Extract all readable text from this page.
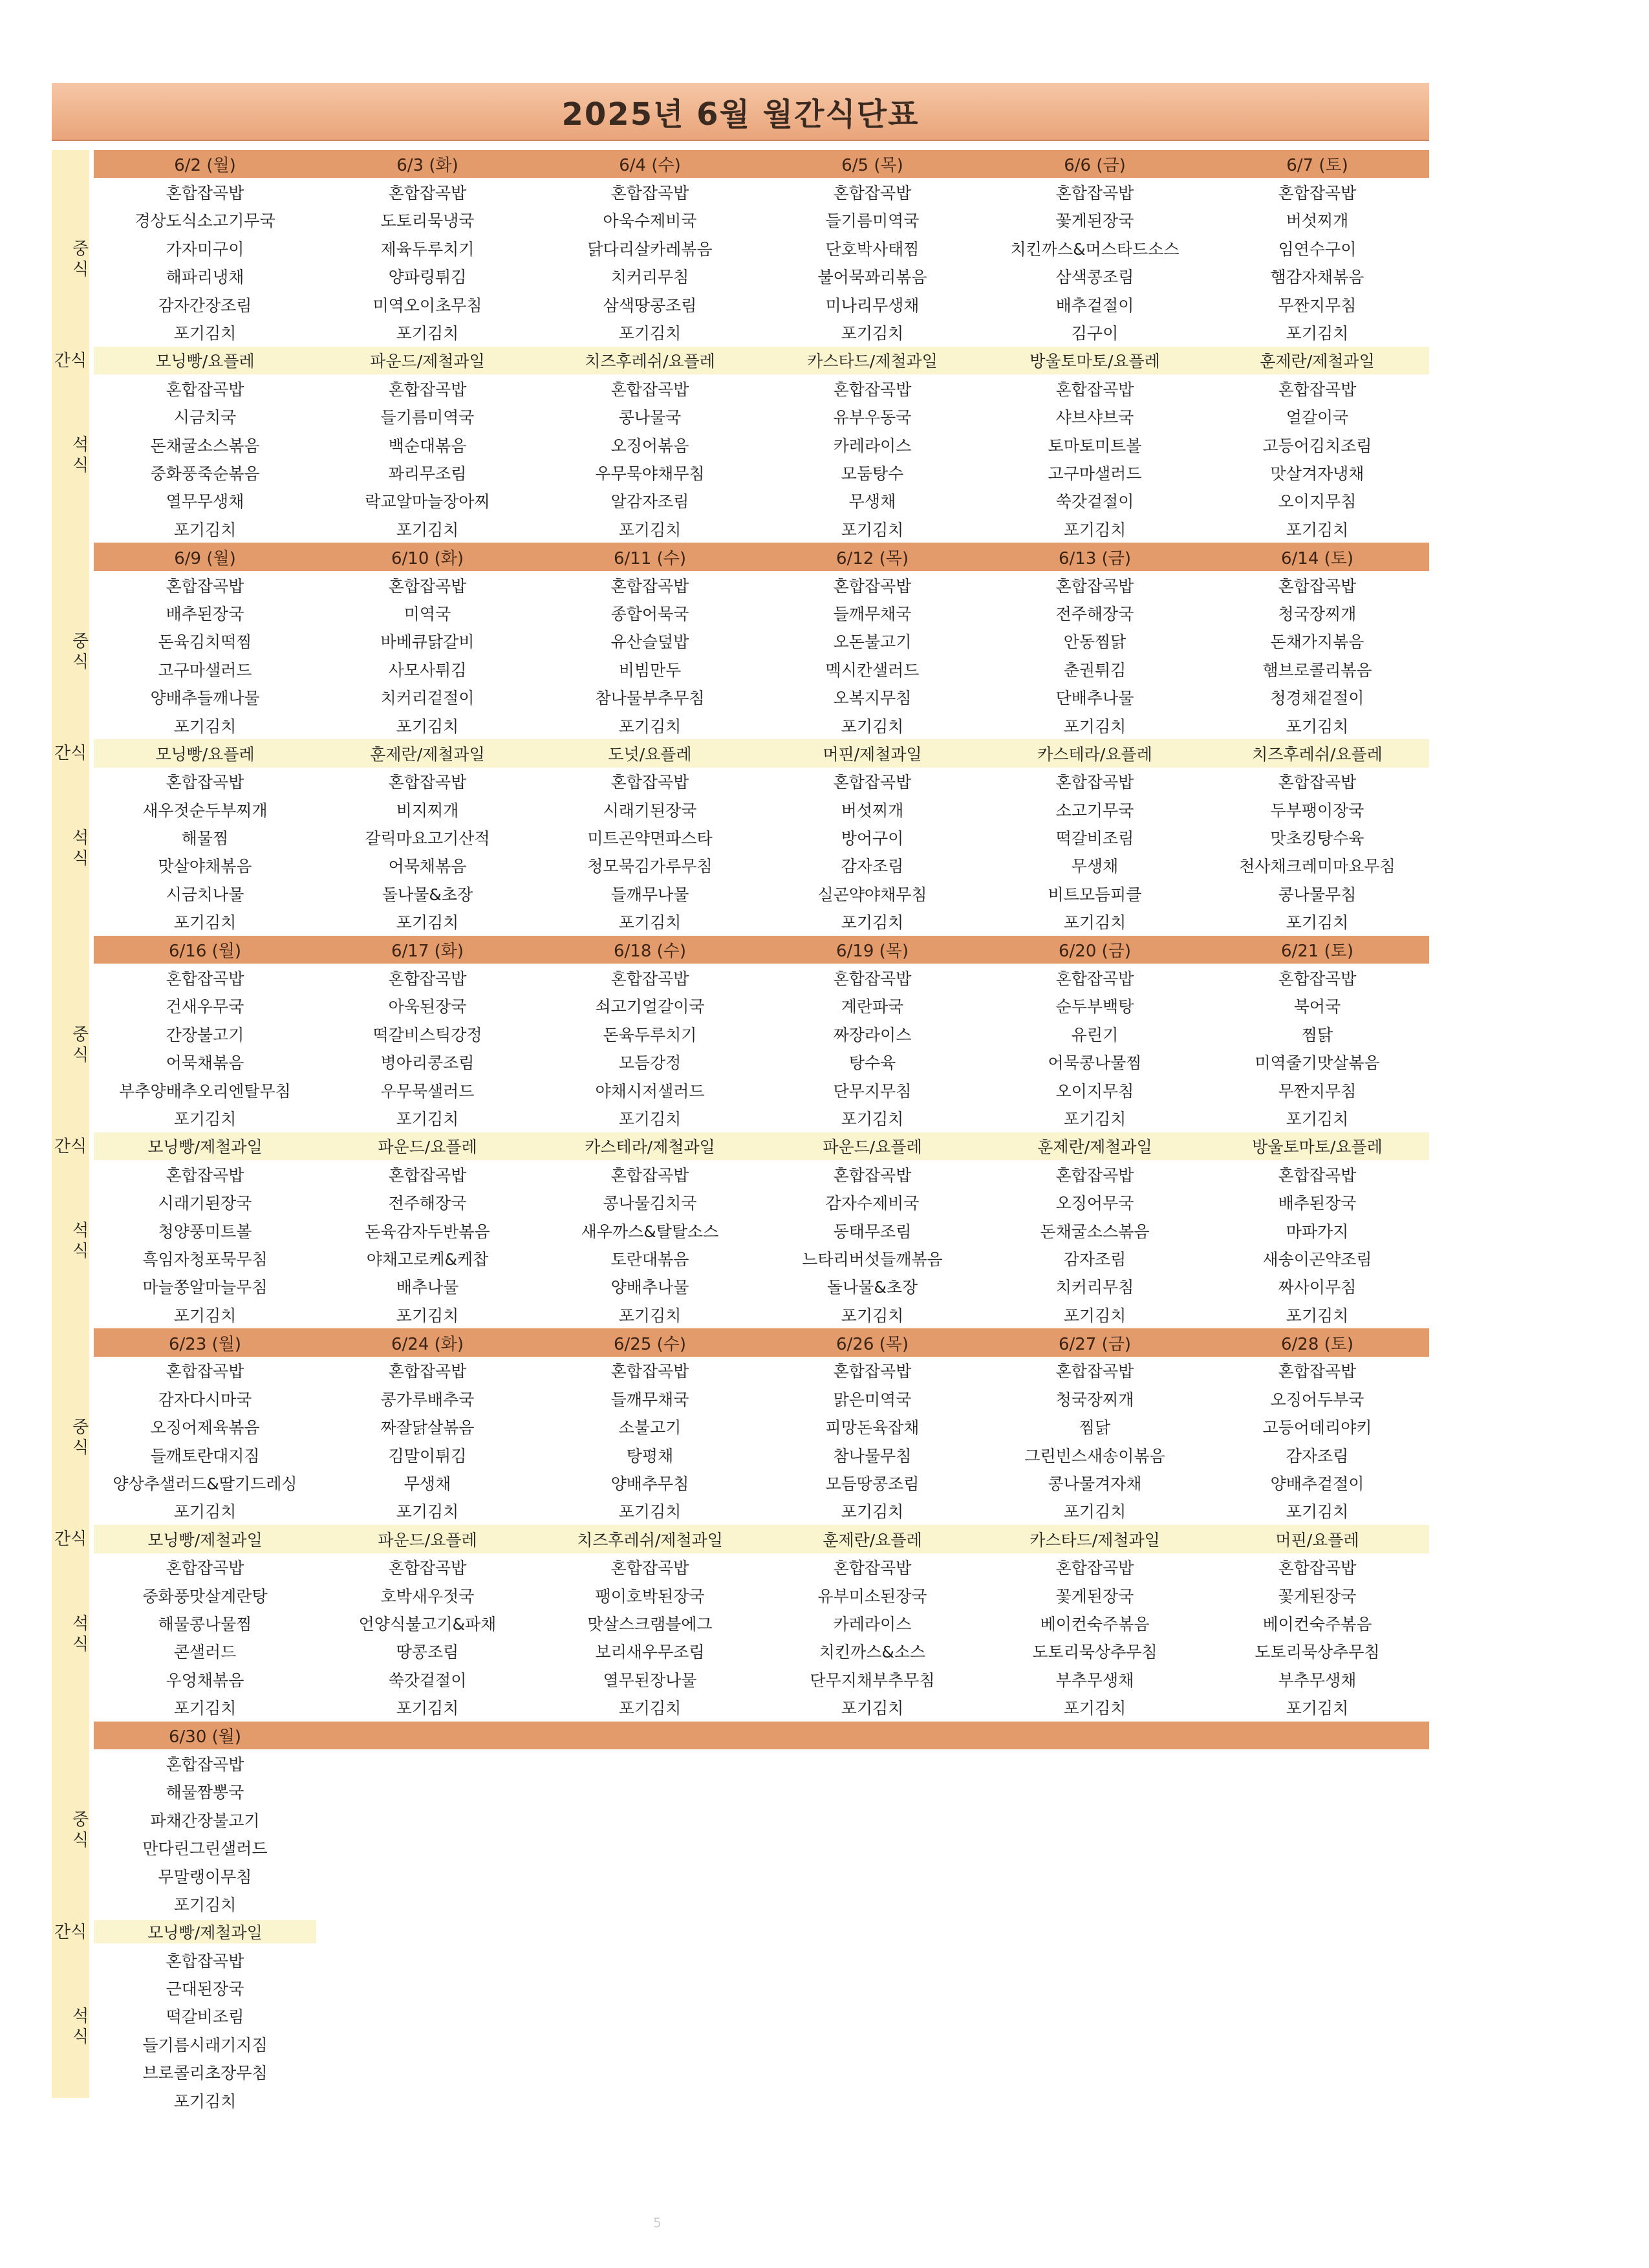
2025년 6월 월간식단표
6/2 (월)	6/3 (화)	6/4 (수)	6/5 (목)	6/6 (금)	6/7 (토)
혼합잡곡밥	혼합잡곡밥	혼합잡곡밥	혼합잡곡밥	혼합잡곡밥	혼합잡곡밥
경상도식소고기무국	도토리묵냉국	아욱수제비국	들기름미역국	꽃게된장국	버섯찌개
가자미구이	제육두루치기	닭다리살카레볶음	단호박사태찜	치킨까스&머스타드소스	임연수구이
해파리냉채	양파링튀김	치커리무침	불어묵꽈리볶음	삼색콩조림	햄감자채볶음
감자간장조림	미역오이초무침	삼색땅콩조림	미나리무생채	배추겉절이	무짠지무침
포기김치	포기김치	포기김치	포기김치	김구이	포기김치
중식
모닝빵/요플레	파운드/제철과일	치즈후레쉬/요플레	카스타드/제철과일	방울토마토/요플레	훈제란/제철과일
간식
혼합잡곡밥	혼합잡곡밥	혼합잡곡밥	혼합잡곡밥	혼합잡곡밥	혼합잡곡밥
시금치국	들기름미역국	콩나물국	유부우동국	샤브샤브국	얼갈이국
돈채굴소스볶음	백순대볶음	오징어볶음	카레라이스	토마토미트볼	고등어김치조림
중화풍죽순볶음	꽈리무조림	우무묵야채무침	모둠탕수	고구마샐러드	맛살겨자냉채
열무무생채	락교알마늘장아찌	알감자조림	무생채	쑥갓겉절이	오이지무침
포기김치	포기김치	포기김치	포기김치	포기김치	포기김치
석식
6/9 (월)	6/10 (화)	6/11 (수)	6/12 (목)	6/13 (금)	6/14 (토)
혼합잡곡밥	혼합잡곡밥	혼합잡곡밥	혼합잡곡밥	혼합잡곡밥	혼합잡곡밥
배추된장국	미역국	종합어묵국	들깨무채국	전주해장국	청국장찌개
돈육김치떡찜	바베큐닭갈비	유산슬덮밥	오돈불고기	안동찜닭	돈채가지볶음
고구마샐러드	사모사튀김	비빔만두	멕시칸샐러드	춘권튀김	햄브로콜리볶음
양배추들깨나물	치커리겉절이	참나물부추무침	오복지무침	단배추나물	청경채겉절이
포기김치	포기김치	포기김치	포기김치	포기김치	포기김치
중식
모닝빵/요플레	훈제란/제철과일	도넛/요플레	머핀/제철과일	카스테라/요플레	치즈후레쉬/요플레
간식
혼합잡곡밥	혼합잡곡밥	혼합잡곡밥	혼합잡곡밥	혼합잡곡밥	혼합잡곡밥
새우젓순두부찌개	비지찌개	시래기된장국	버섯찌개	소고기무국	두부팽이장국
해물찜	갈릭마요고기산적	미트곤약면파스타	방어구이	떡갈비조림	맛초킹탕수육
맛살야채볶음	어묵채볶음	청모묵김가루무침	감자조림	무생채	천사채크레미마요무침
시금치나물	돌나물&초장	들깨무나물	실곤약야채무침	비트모듬피클	콩나물무침
포기김치	포기김치	포기김치	포기김치	포기김치	포기김치
석식
6/16 (월)	6/17 (화)	6/18 (수)	6/19 (목)	6/20 (금)	6/21 (토)
혼합잡곡밥	혼합잡곡밥	혼합잡곡밥	혼합잡곡밥	혼합잡곡밥	혼합잡곡밥
건새우무국	아욱된장국	쇠고기얼갈이국	계란파국	순두부백탕	북어국
간장불고기	떡갈비스틱강정	돈육두루치기	짜장라이스	유린기	찜닭
어묵채볶음	병아리콩조림	모듬강정	탕수육	어묵콩나물찜	미역줄기맛살볶음
부추양배추오리엔탈무침	우무묵샐러드	야채시저샐러드	단무지무침	오이지무침	무짠지무침
포기김치	포기김치	포기김치	포기김치	포기김치	포기김치
중식
모닝빵/제철과일	파운드/요플레	카스테라/제철과일	파운드/요플레	훈제란/제철과일	방울토마토/요플레
간식
혼합잡곡밥	혼합잡곡밥	혼합잡곡밥	혼합잡곡밥	혼합잡곡밥	혼합잡곡밥
시래기된장국	전주해장국	콩나물김치국	감자수제비국	오징어무국	배추된장국
청양풍미트볼	돈육감자두반볶음	새우까스&탈탈소스	동태무조림	돈채굴소스볶음	마파가지
흑임자청포묵무침	야채고로케&케찹	토란대볶음	느타리버섯들깨볶음	감자조림	새송이곤약조림
마늘쫑알마늘무침	배추나물	양배추나물	돌나물&초장	치커리무침	짜사이무침
포기김치	포기김치	포기김치	포기김치	포기김치	포기김치
석식
6/23 (월)	6/24 (화)	6/25 (수)	6/26 (목)	6/27 (금)	6/28 (토)
혼합잡곡밥	혼합잡곡밥	혼합잡곡밥	혼합잡곡밥	혼합잡곡밥	혼합잡곡밥
감자다시마국	콩가루배추국	들깨무채국	맑은미역국	청국장찌개	오징어두부국
오징어제육볶음	짜잘닭살볶음	소불고기	피망돈육잡채	찜닭	고등어데리야키
들깨토란대지짐	김말이튀김	탕평채	참나물무침	그린빈스새송이볶음	감자조림
양상추샐러드&딸기드레싱	무생채	양배추무침	모듬땅콩조림	콩나물겨자채	양배추겉절이
포기김치	포기김치	포기김치	포기김치	포기김치	포기김치
중식
모닝빵/제철과일	파운드/요플레	치즈후레쉬/제철과일	훈제란/요플레	카스타드/제철과일	머핀/요플레
간식
혼합잡곡밥	혼합잡곡밥	혼합잡곡밥	혼합잡곡밥	혼합잡곡밥	혼합잡곡밥
중화풍맛살계란탕	호박새우젓국	팽이호박된장국	유부미소된장국	꽃게된장국	꽃게된장국
해물콩나물찜	언양식불고기&파채	맛살스크램블에그	카레라이스	베이컨숙주볶음	베이컨숙주볶음
콘샐러드	땅콩조림	보리새우무조림	치킨까스&소스	도토리묵상추무침	도토리묵상추무침
우엉채볶음	쑥갓겉절이	열무된장나물	단무지채부추무침	부추무생채	부추무생채
포기김치	포기김치	포기김치	포기김치	포기김치	포기김치
석식
6/30 (월)
혼합잡곡밥
해물짬뽕국
파채간장불고기
만다린그린샐러드
무말랭이무침
포기김치
중식
모닝빵/제철과일
간식
혼합잡곡밥
근대된장국
떡갈비조림
들기름시래기지짐
브로콜리초장무침
포기김치
석식
5
